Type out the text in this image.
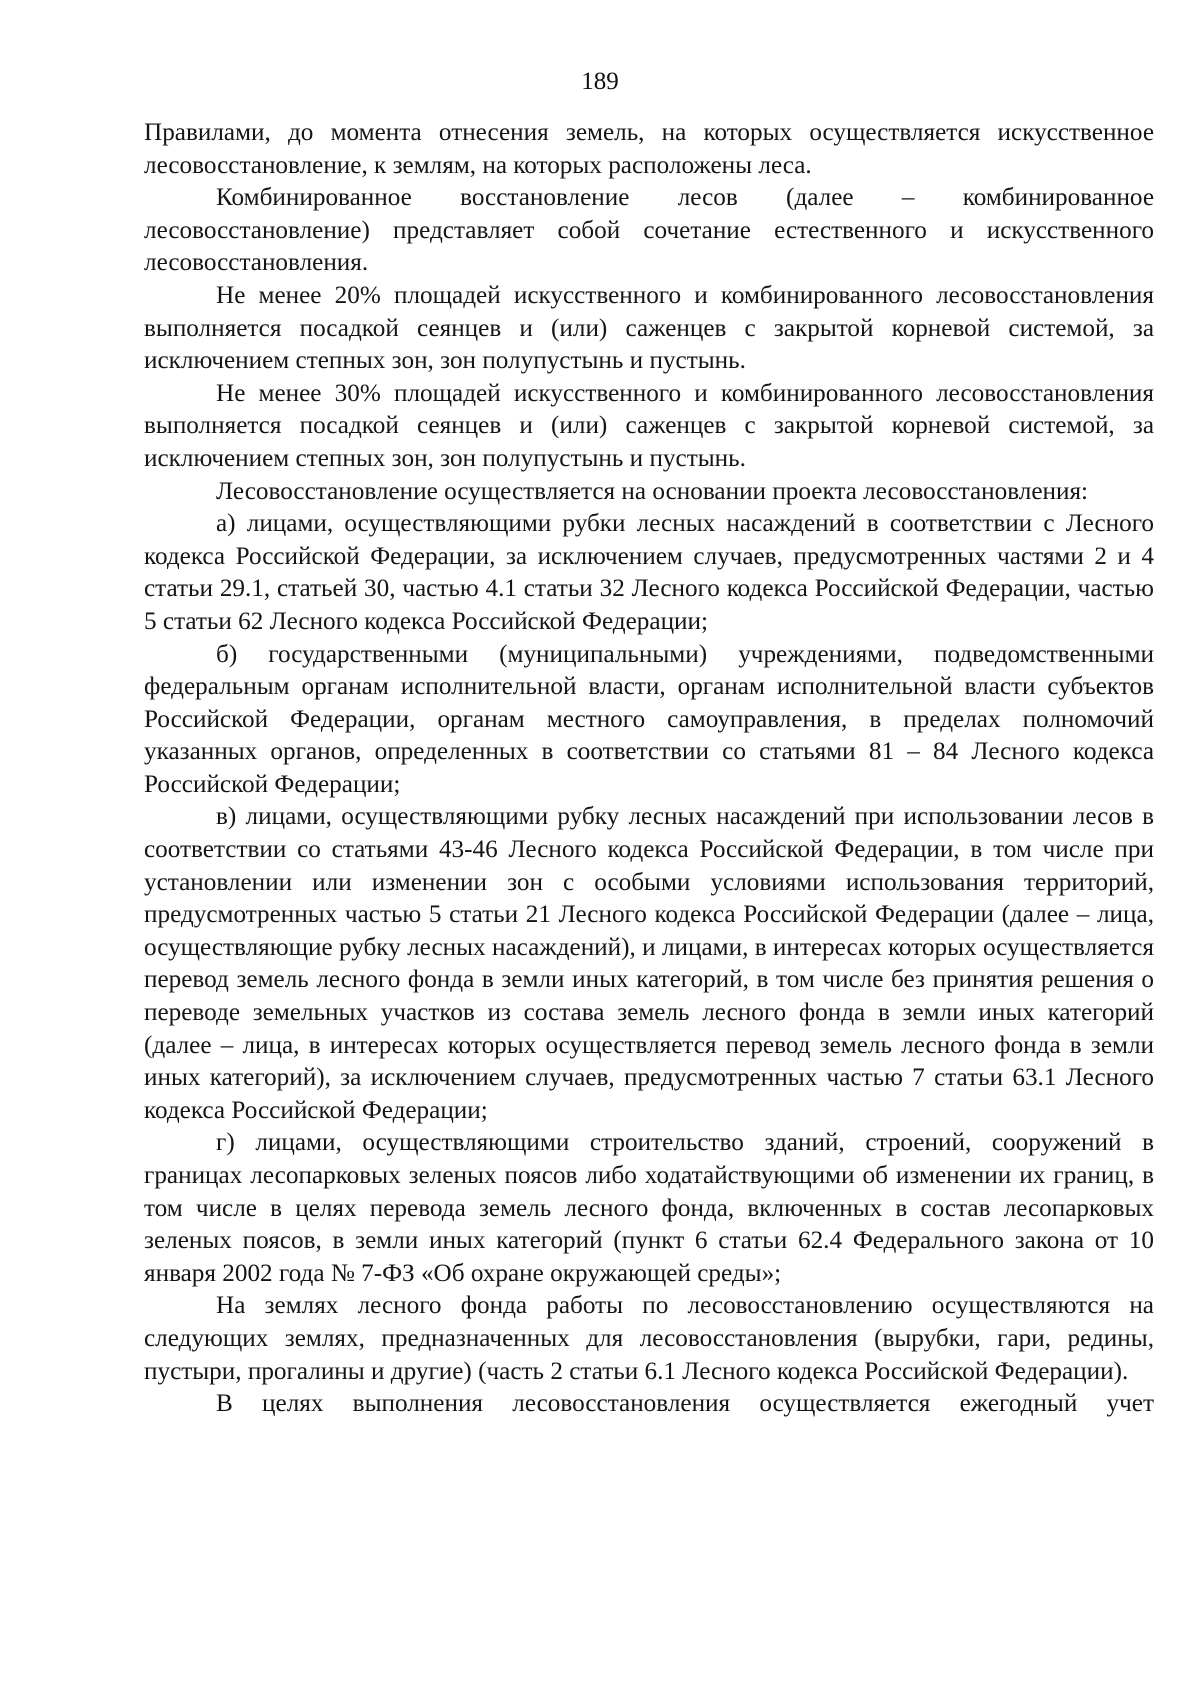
189

Правилами, до момента отнесения земель, на которых осуществляется искусственное лесовосстановление, к землям, на которых расположены леса.

Комбинированное восстановление лесов (далее – комбинированное лесовосстановление) представляет собой сочетание естественного и искусственного лесовосстановления.

Не менее 20% площадей искусственного и комбинированного лесовосстановления выполняется посадкой сеянцев и (или) саженцев с закрытой корневой системой, за исключением степных зон, зон полупустынь и пустынь.

Не менее 30% площадей искусственного и комбинированного лесовосстановления выполняется посадкой сеянцев и (или) саженцев с закрытой корневой системой, за исключением степных зон, зон полупустынь и пустынь.

Лесовосстановление осуществляется на основании проекта лесовосстановления:

а) лицами, осуществляющими рубки лесных насаждений в соответствии с Лесного кодекса Российской Федерации, за исключением случаев, предусмотренных частями 2 и 4 статьи 29.1, статьей 30, частью 4.1 статьи 32 Лесного кодекса Российской Федерации, частью 5 статьи 62 Лесного кодекса Российской Федерации;

б) государственными (муниципальными) учреждениями, подведомственными федеральным органам исполнительной власти, органам исполнительной власти субъектов Российской Федерации, органам местного самоуправления, в пределах полномочий указанных органов, определенных в соответствии со статьями 81 – 84 Лесного кодекса Российской Федерации;

в) лицами, осуществляющими рубку лесных насаждений при использовании лесов в соответствии со статьями 43-46 Лесного кодекса Российской Федерации, в том числе при установлении или изменении зон с особыми условиями использования территорий, предусмотренных частью 5 статьи 21 Лесного кодекса Российской Федерации (далее – лица, осуществляющие рубку лесных насаждений), и лицами, в интересах которых осуществляется перевод земель лесного фонда в земли иных категорий, в том числе без принятия решения о переводе земельных участков из состава земель лесного фонда в земли иных категорий (далее – лица, в интересах которых осуществляется перевод земель лесного фонда в земли иных категорий), за исключением случаев, предусмотренных частью 7 статьи 63.1 Лесного кодекса Российской Федерации;

г) лицами, осуществляющими строительство зданий, строений, сооружений в границах лесопарковых зеленых поясов либо ходатайствующими об изменении их границ, в том числе в целях перевода земель лесного фонда, включенных в состав лесопарковых зеленых поясов, в земли иных категорий (пункт 6 статьи 62.4 Федерального закона от 10 января 2002 года № 7-ФЗ «Об охране окружающей среды»;

На землях лесного фонда работы по лесовосстановлению осуществляются на следующих землях, предназначенных для лесовосстановления (вырубки, гари, редины, пустыри, прогалины и другие) (часть 2 статьи 6.1 Лесного кодекса Российской Федерации).

В целях выполнения лесовосстановления осуществляется ежегодный учет
